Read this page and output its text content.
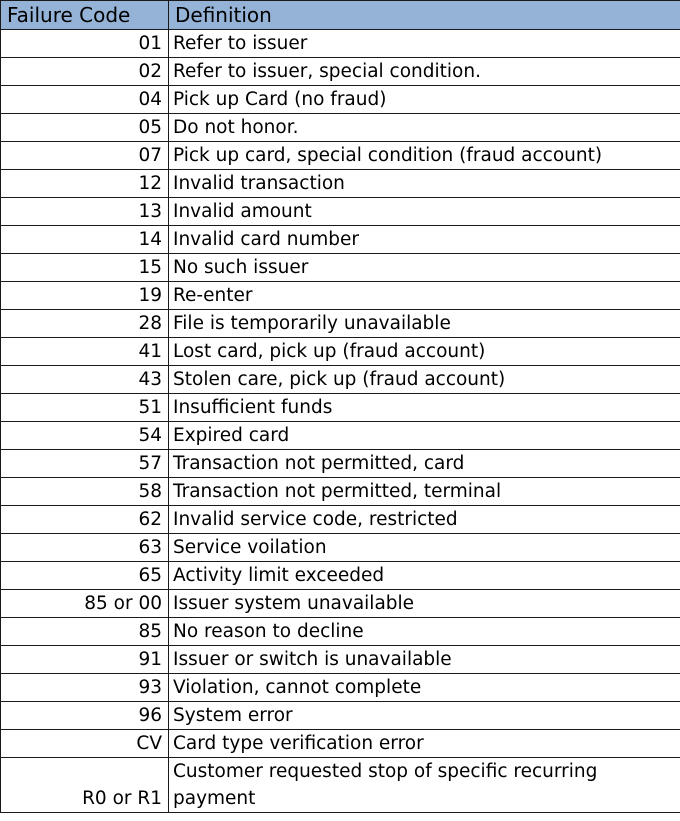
Failure Code	Definition
01	Refer to issuer
02	Refer to issuer, special condition.
04	Pick up Card (no fraud)
05	Do not honor.
07	Pick up card, special condition (fraud account)
12	Invalid transaction
13	Invalid amount
14	Invalid card number
15	No such issuer
19	Re-enter
28	File is temporarily unavailable
41	Lost card, pick up (fraud account)
43	Stolen care, pick up (fraud account)
51	Insufficient funds
54	Expired card
57	Transaction not permitted, card
58	Transaction not permitted, terminal
62	Invalid service code, restricted
63	Service voilation
65	Activity limit exceeded
85 or 00	Issuer system unavailable
85	No reason to decline
91	Issuer or switch is unavailable
93	Violation, cannot complete
96	System error
CV	Card type verification error
R0 or R1	Customer requested stop of specific recurring payment
